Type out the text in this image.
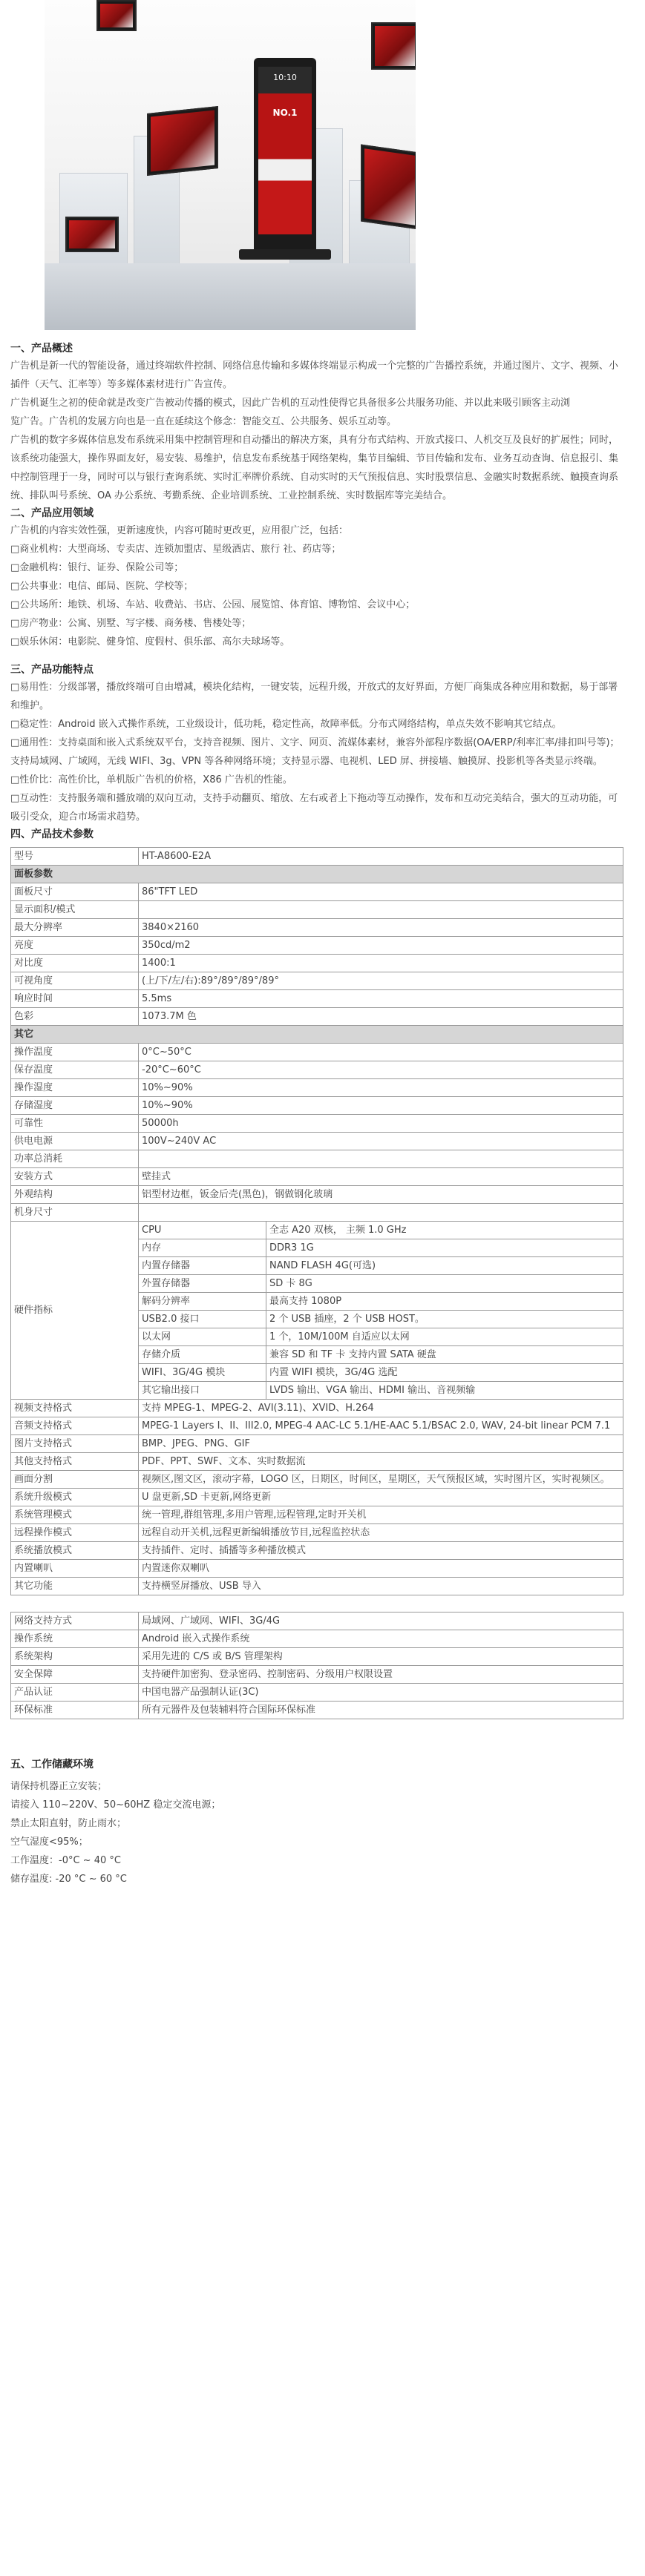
10:10
NO.1
一、产品概述

广告机是新一代的智能设备，通过终端软件控制、网络信息传输和多媒体终端显示构成一个完整的广告播控系统，并通过图片、文字、视频、小插件（天气、汇率等）等多媒体素材进行广告宣传。

广告机诞生之初的使命就是改变广告被动传播的模式，因此广告机的互动性使得它具备很多公共服务功能、并以此来吸引顾客主动浏

览广告。广告机的发展方向也是一直在延续这个修念：智能交互、公共服务、娱乐互动等。

广告机的数字多媒体信息发布系统采用集中控制管理和自动播出的解决方案，具有分布式结构、开放式接口、人机交互及良好的扩展性；同时，该系统功能强大，操作界面友好，易安装、易维护，信息发布系统基于网络架构，集节目编辑、节目传输和发布、业务互动查询、信息报引、集中控制管理于一身，同时可以与银行查询系统、实时汇率牌价系统、自动实时的天气预报信息、实时股票信息、金融实时数据系统、触摸查询系统、排队叫号系统、OA 办公系统、考勤系统、企业培训系统、工业控制系统、实时数据库等完美结合。

二、产品应用领域

广告机的内容实效性强，更新速度快，内容可随时更改更，应用很广泛，包括：

□商业机构：大型商场、专卖店、连锁加盟店、星级酒店、旅行 社、药店等；

□金融机构：银行、证券、保险公司等；

□公共事业：电信、邮局、医院、学校等；

□公共场所：地铁、机场、车站、收费站、书店、公园、展览馆、体育馆、博物馆、会议中心；

□房产物业：公寓、别墅、写字楼、商务楼、售楼处等；

□娱乐休闲：电影院、健身馆、度假村、俱乐部、高尔夫球场等。

三、产品功能特点

□易用性：分级部署，播放终端可自由增减，模块化结构，一键安装，远程升级，开放式的友好界面，方便厂商集成各种应用和数据，易于部署和维护。

□稳定性：Android 嵌入式操作系统，工业级设计，低功耗，稳定性高，故障率低。分布式网络结构，单点失效不影响其它结点。

□通用性：支持桌面和嵌入式系统双平台，支持音视频、图片、文字、网页、流媒体素材，兼容外部程序数据(OA/ERP/利率汇率/排扣叫号等)；支持局域网、广域网，无线 WIFI、3g、VPN 等各种网络环境；支持显示器、电视机、LED 屏、拼接墙、触摸屏、投影机等各类显示终端。

□性价比：高性价比，单机版广告机的价格，X86 广告机的性能。

□互动性：支持服务端和播放端的双向互动，支持手动翻页、缩放、左右或者上下拖动等互动操作，发布和互动完美结合，强大的互动功能，可吸引受众，迎合市场需求趋势。

四、产品技术参数
型号	HT-A8600-E2A	
面板参数		
面板尺寸	86"TFT LED	
显示面积/模式		
最大分辨率	3840×2160	
亮度	350cd/m2	
对比度	1400:1	
可视角度	(上/下/左/右):89°/89°/89°/89°	
响应时间	5.5ms	
色彩	1073.7M 色	
其它		
操作温度	0°C~50°C	
保存温度	-20°C~60°C	
操作湿度	10%~90%	
存储湿度	10%~90%	
可靠性	50000h	
供电电源	100V~240V AC	
功率总消耗		
安装方式	壁挂式	
外观结构	铝型材边框，钣金后壳(黑色)，钢做钢化玻璃	
机身尺寸		
硬件指标	CPU	全志 A20 双核， 主频 1.0 GHz
	内存	DDR3 1G
	内置存储器	NAND FLASH 4G(可选)
	外置存储器	SD 卡 8G
	解码分辨率	最高支持 1080P
	USB2.0 接口	2 个 USB 插座，2 个 USB HOST。
	以太网	1 个，10M/100M 自适应以太网
	存储介质	兼容 SD 和 TF 卡 支持内置 SATA 硬盘
	WIFI、3G/4G 模块	内置 WIFI 模块，3G/4G 选配
	其它输出接口	LVDS 输出、VGA 输出、HDMI 输出、音视频输
视频支持格式	支持 MPEG-1、MPEG-2、AVI(3.11)、XVID、H.264	
音频支持格式	MPEG-1 Layers I、II、III2.0, MPEG-4 AAC-LC 5.1/HE-AAC 5.1/BSAC 2.0, WAV, 24-bit linear PCM 7.1	
图片支持格式	BMP、JPEG、PNG、GIF	
其他支持格式	PDF、PPT、SWF、文本、实时数据流	
画面分割	视频区,图文区，滚动字幕，LOGO 区，日期区，时间区，星期区，天气预报区域，实时图片区，实时视频区。	
系统升级模式	U 盘更新,SD 卡更新,网络更新	
系统管理模式	统一管理,群组管理,多用户管理,远程管理,定时开关机	
远程操作模式	远程自动开关机,远程更新编辑播放节目,远程监控状态	
系统播放模式	支持插件、定时、插播等多种播放模式	
内置喇叭	内置迷你双喇叭	
其它功能	支持横竖屏播放、USB 导入	
网络支持方式	局域网、广域网、WIFI、3G/4G
操作系统	Android 嵌入式操作系统
系统架构	采用先进的 C/S 或 B/S 管理架构
安全保障	支持硬件加密狗、登录密码、控制密码、分级用户权限设置
产品认证	中国电器产品强制认证(3C)
环保标准	所有元器件及包装辅料符合国际环保标准
五、工作储藏环境

请保持机器正立安装；

请接入 110~220V、50~60HZ 稳定交流电源；

禁止太阳直射，防止雨水；

空气湿度<95%；

工作温度：-0°C ~ 40 °C

储存温度: -20 °C ~ 60 °C
